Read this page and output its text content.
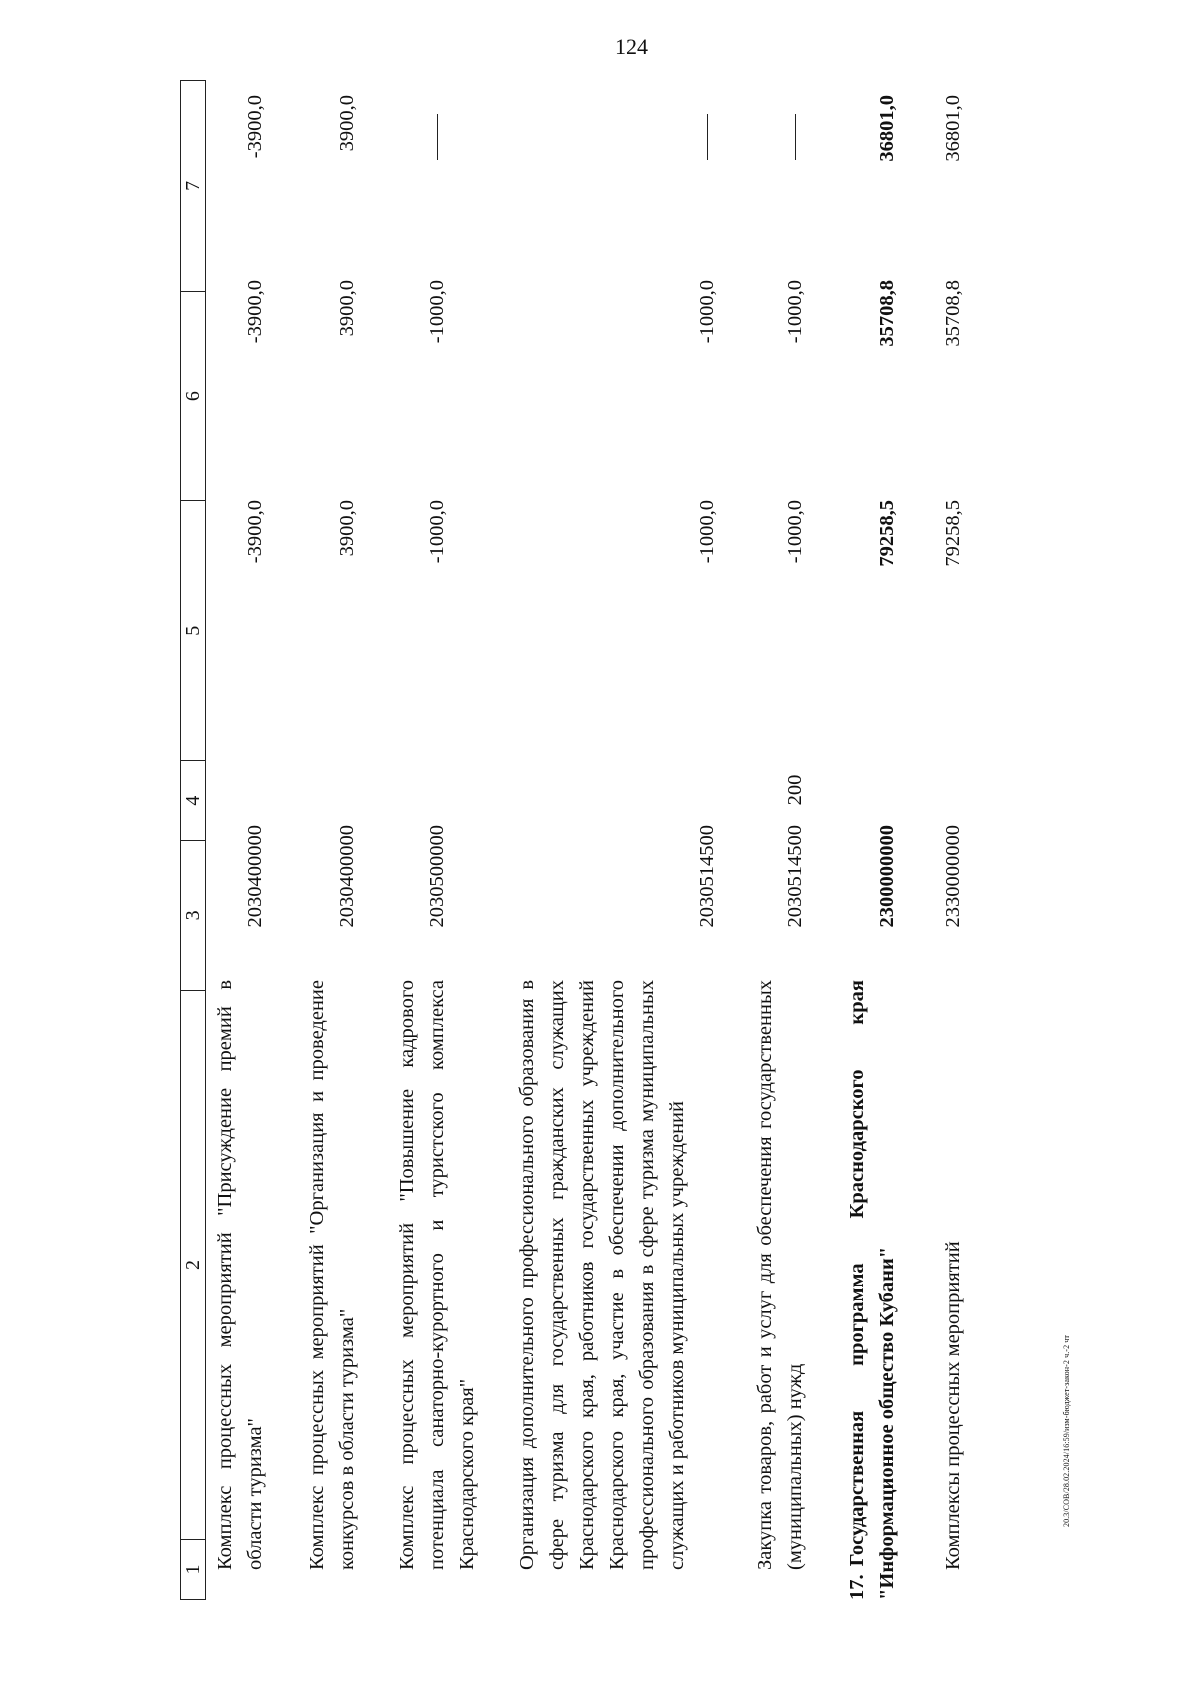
124
20.3/СОВ/28.02.2024/16:59/изм-бюджет-закон-2 ч.-2 чт
1
2
3
4
5
6
7
Комплекс процессных мероприятий "Присуждение премий в области туризма"
2030400000
-3900,0
-3900,0
-3900,0
Комплекс процессных мероприятий "Организация и проведение конкурсов в области туризма"
2030400000
3900,0
3900,0
3900,0
Комплекс процессных мероприятий "Повышение кадрового потенциала санаторно-курортного и туристского комплекса Краснодарского края"
2030500000
-1000,0
-1000,0
Организация дополнительного профессионального образования в сфере туризма для государственных гражданских служащих Краснодарского края, работников государственных учреждений Краснодарского края, участие в обеспечении дополнительного профессионального образования в сфере туризма муниципальных служащих и работников муниципальных учреждений
2030514500
-1000,0
-1000,0
Закупка товаров, работ и услуг для обеспечения государственных (муниципальных) нужд
2030514500
200
-1000,0
-1000,0
17.Государственная программа Краснодарского края "Информационное общество Кубани"
2300000000
79258,5
35708,8
36801,0
Комплексы процессных мероприятий
2330000000
79258,5
35708,8
36801,0
